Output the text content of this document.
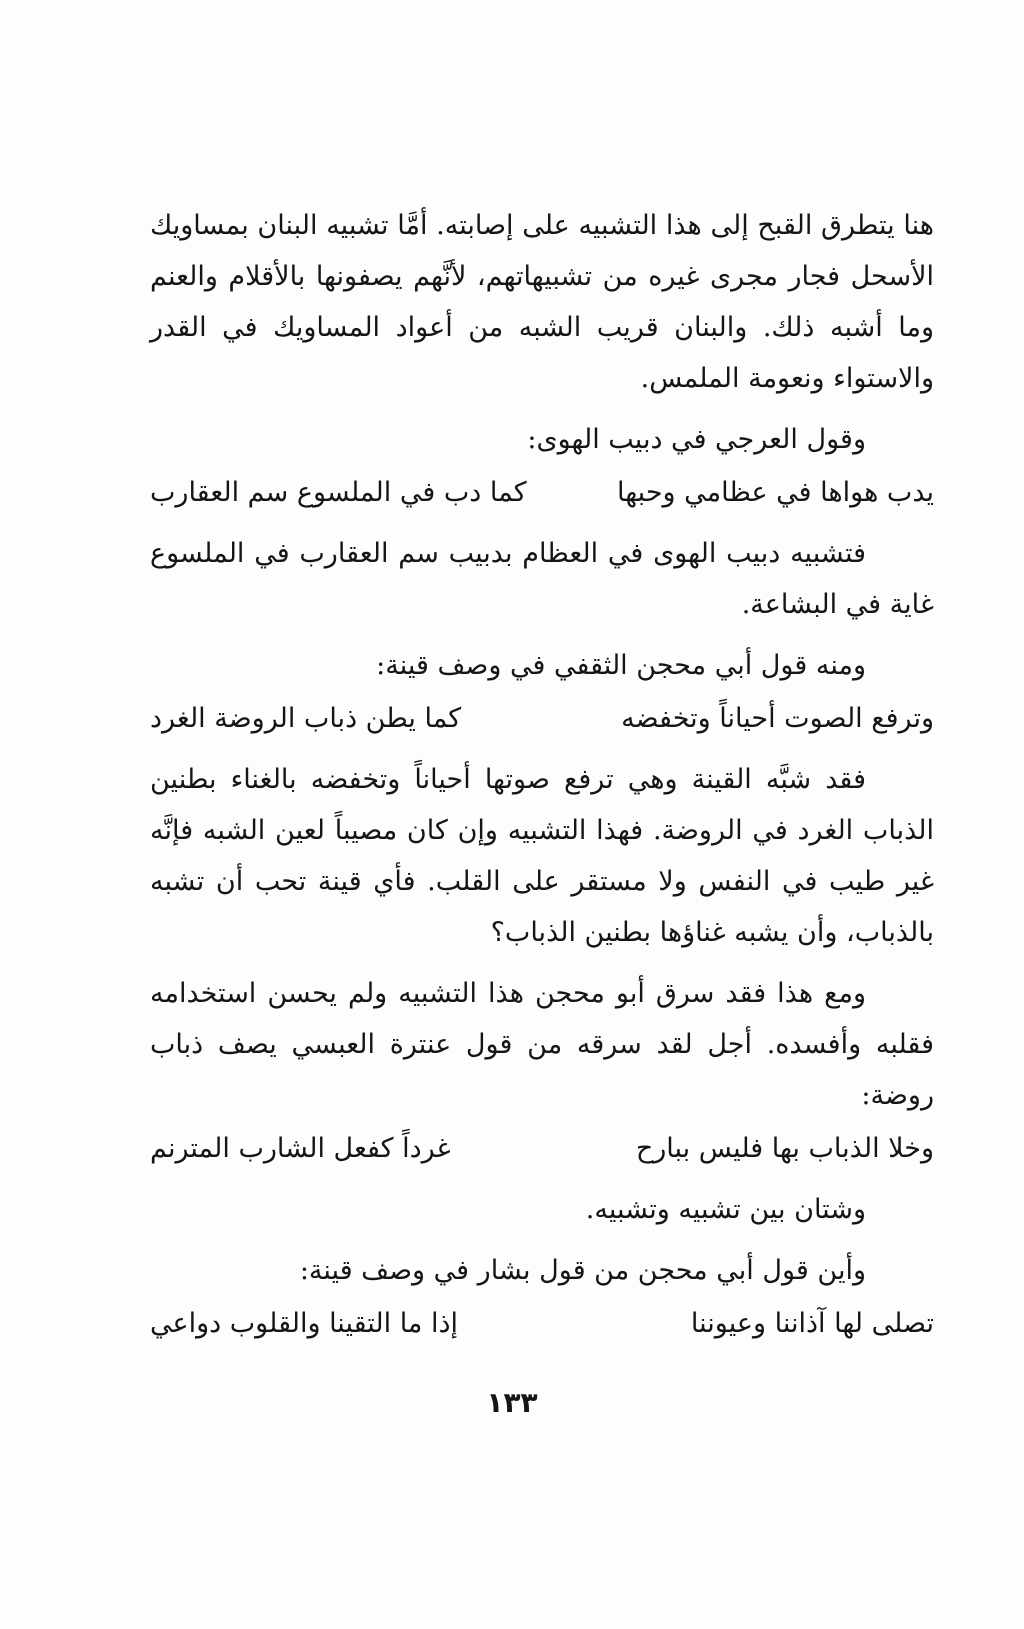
هنا يتطرق القبح إلى هذا التشبيه على إصابته. أمَّا تشبيه البنان بمساويك الأسحل فجار مجرى غيره من تشبيهاتهم، لأنَّهم يصفونها بالأقلام والعنم وما أشبه ذلك. والبنان قريب الشبه من أعواد المساويك في القدر والاستواء ونعومة الملمس.

وقول العرجي في دبيب الهوى:

يدب هواها في عظامي وحبها
كما دب في الملسوع سم العقارب

فتشبيه دبيب الهوى في العظام بدبيب سم العقارب في الملسوع غاية في البشاعة.

ومنه قول أبي محجن الثقفي في وصف قينة:

وترفع الصوت أحياناً وتخفضه
كما يطن ذباب الروضة الغرد

فقد شبَّه القينة وهي ترفع صوتها أحياناً وتخفضه بالغناء بطنين الذباب الغرد في الروضة. فهذا التشبيه وإن كان مصيباً لعين الشبه فإنَّه غير طيب في النفس ولا مستقر على القلب. فأي قينة تحب أن تشبه بالذباب، وأن يشبه غناؤها بطنين الذباب؟

ومع هذا فقد سرق أبو محجن هذا التشبيه ولم يحسن استخدامه فقلبه وأفسده. أجل لقد سرقه من قول عنترة العبسي يصف ذباب روضة:

وخلا الذباب بها فليس ببارح
غرداً كفعل الشارب المترنم

وشتان بين تشبيه وتشبيه.

وأين قول أبي محجن من قول بشار في وصف قينة:

تصلى لها آذاننا وعيوننا
إذا ما التقينا والقلوب دواعي
١٣٣
